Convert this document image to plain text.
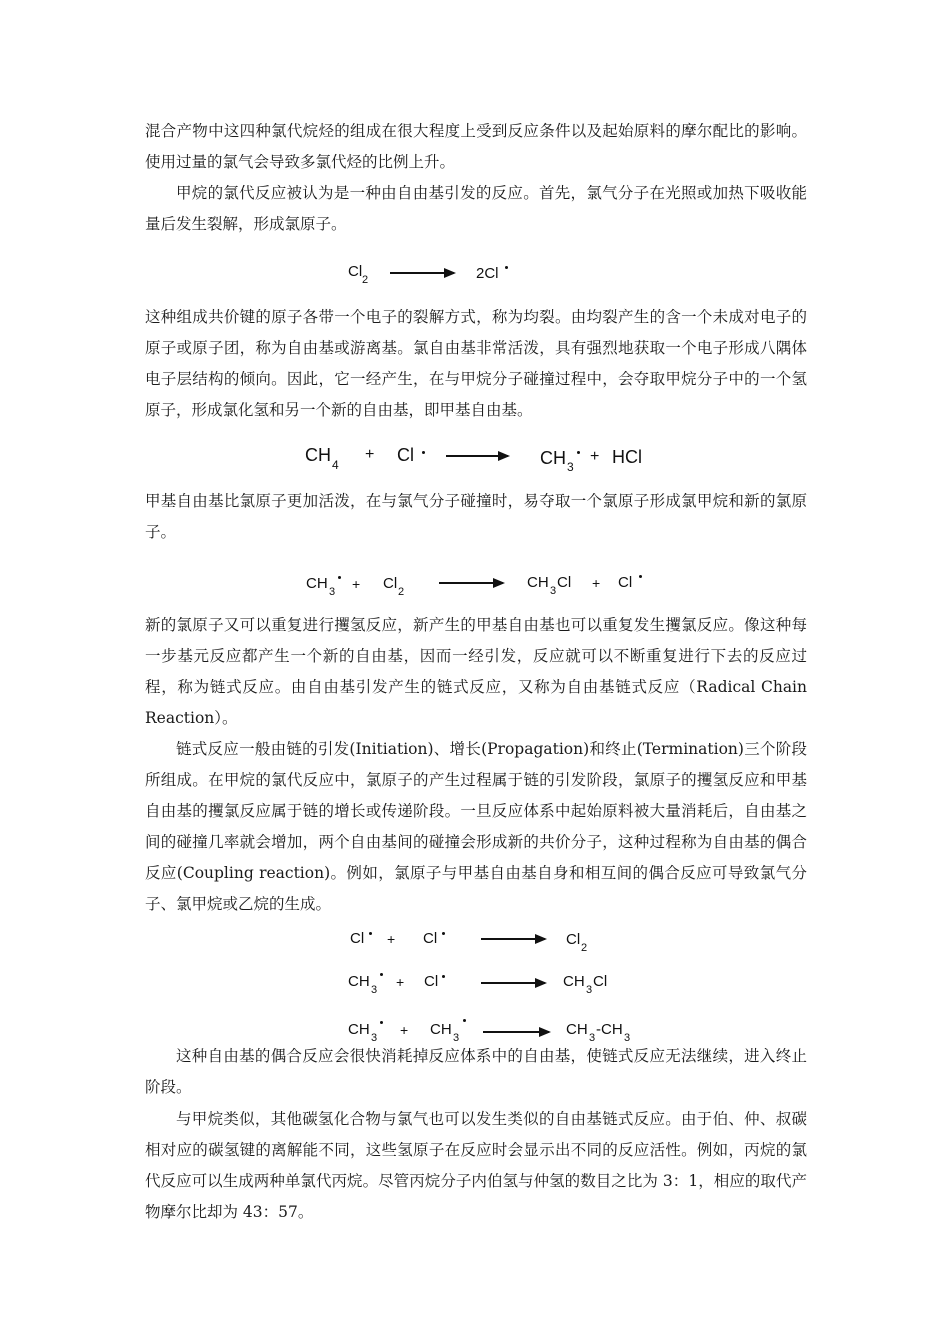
混合产物中这四种氯代烷烃的组成在很大程度上受到反应条件以及起始原料的摩尔配比的影响。使用过量的氯气会导致多氯代烃的比例上升。

甲烷的氯代反应被认为是一种由自由基引发的反应。首先，氯气分子在光照或加热下吸收能量后发生裂解，形成氯原子。

Cl 2	2Cl

这种组成共价键的原子各带一个电子的裂解方式，称为均裂。由均裂产生的含一个未成对电子的原子或原子团，称为自由基或游离基。氯自由基非常活泼，具有强烈地获取一个电子形成八隅体电子层结构的倾向。因此，它一经产生，在与甲烷分子碰撞过程中，会夺取甲烷分子中的一个氢原子，形成氯化氢和另一个新的自由基，即甲基自由基。

CH 4
+ Cl	CH 3
+ HCl

甲基自由基比氯原子更加活泼，在与氯气分子碰撞时，易夺取一个氯原子形成氯甲烷和新的氯原子。

CH 3 + Cl 2
CH 3 Cl + Cl

新的氯原子又可以重复进行攫氢反应，新产生的甲基自由基也可以重复发生攫氯反应。像这种每一步基元反应都产生一个新的自由基，因而一经引发，反应就可以不断重复进行下去的反应过程，称为链式反应。由自由基引发产生的链式反应，又称为自由基链式反应（Radical Chain Reaction）。

链式反应一般由链的引发(Initiation)、增长(Propagation)和终止(Termination)三个阶段所组成。在甲烷的氯代反应中，氯原子的产生过程属于链的引发阶段，氯原子的攫氢反应和甲基自由基的攫氯反应属于链的增长或传递阶段。一旦反应体系中起始原料被大量消耗后，自由基之间的碰撞几率就会增加，两个自由基间的碰撞会形成新的共价分子，这种过程称为自由基的偶合反应(Coupling reaction)。例如，氯原子与甲基自由基自身和相互间的偶合反应可导致氯气分子、氯甲烷或乙烷的生成。

Cl + Cl	Cl 2
CH 3 + Cl	CH 3 Cl
CH 3 + CH 3	CH 3 -CH 3

这种自由基的偶合反应会很快消耗掉反应体系中的自由基，使链式反应无法继续，进入终止阶段。

与甲烷类似，其他碳氢化合物与氯气也可以发生类似的自由基链式反应。由于伯、仲、叔碳相对应的碳氢键的离解能不同，这些氢原子在反应时会显示出不同的反应活性。例如，丙烷的氯代反应可以生成两种单氯代丙烷。尽管丙烷分子内伯氢与仲氢的数目之比为 3：1，相应的取代产物摩尔比却为 43：57。
